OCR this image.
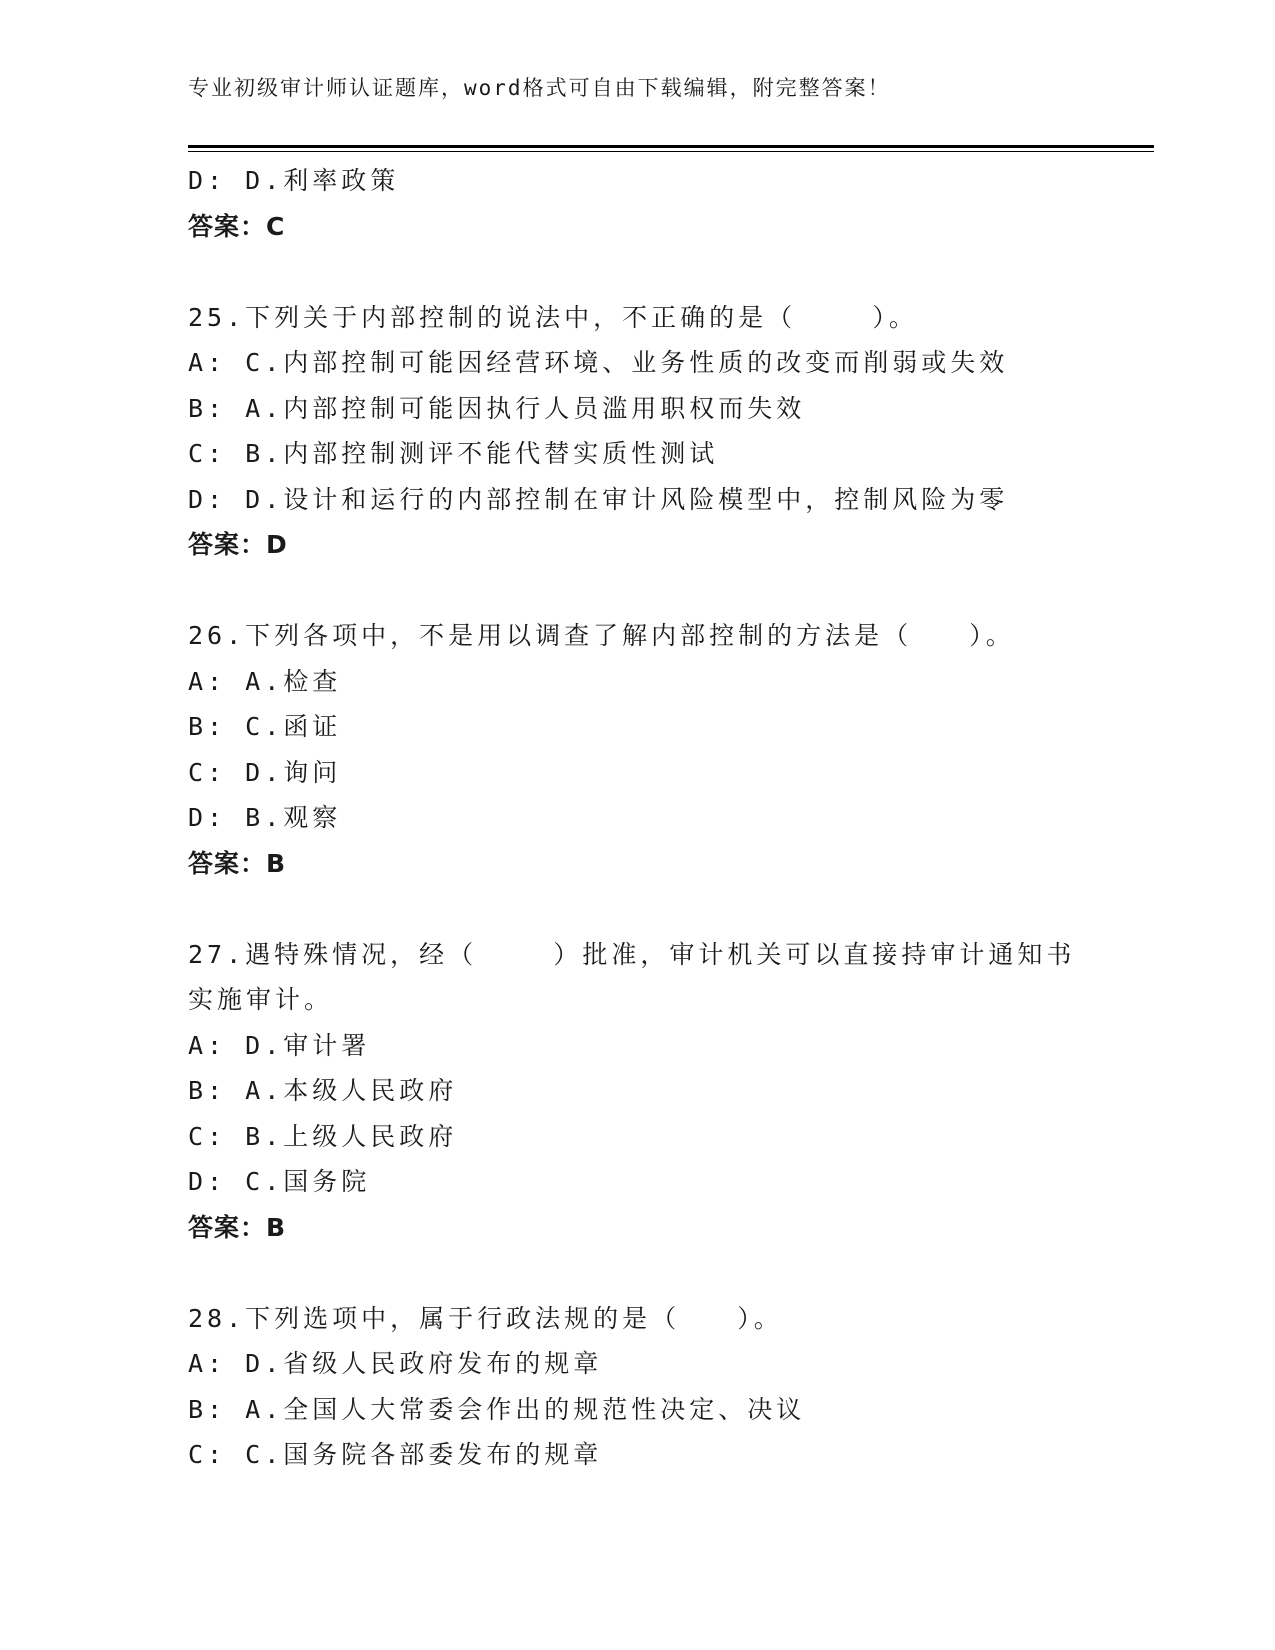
专业初级审计师认证题库，word格式可自由下载编辑，附完整答案！
D: D.利率政策
答案：C
25.下列关于内部控制的说法中，不正确的是（    ）。
A: C.内部控制可能因经营环境、业务性质的改变而削弱或失效
B: A.内部控制可能因执行人员滥用职权而失效
C: B.内部控制测评不能代替实质性测试
D: D.设计和运行的内部控制在审计风险模型中，控制风险为零
答案：D
26.下列各项中，不是用以调查了解内部控制的方法是（   ）。
A: A.检查
B: C.函证
C: D.询问
D: B.观察
答案：B
27.遇特殊情况，经（    ）批准，审计机关可以直接持审计通知书
实施审计。
A: D.审计署
B: A.本级人民政府
C: B.上级人民政府
D: C.国务院
答案：B
28.下列选项中，属于行政法规的是（   ）。
A: D.省级人民政府发布的规章
B: A.全国人大常委会作出的规范性决定、决议
C: C.国务院各部委发布的规章
